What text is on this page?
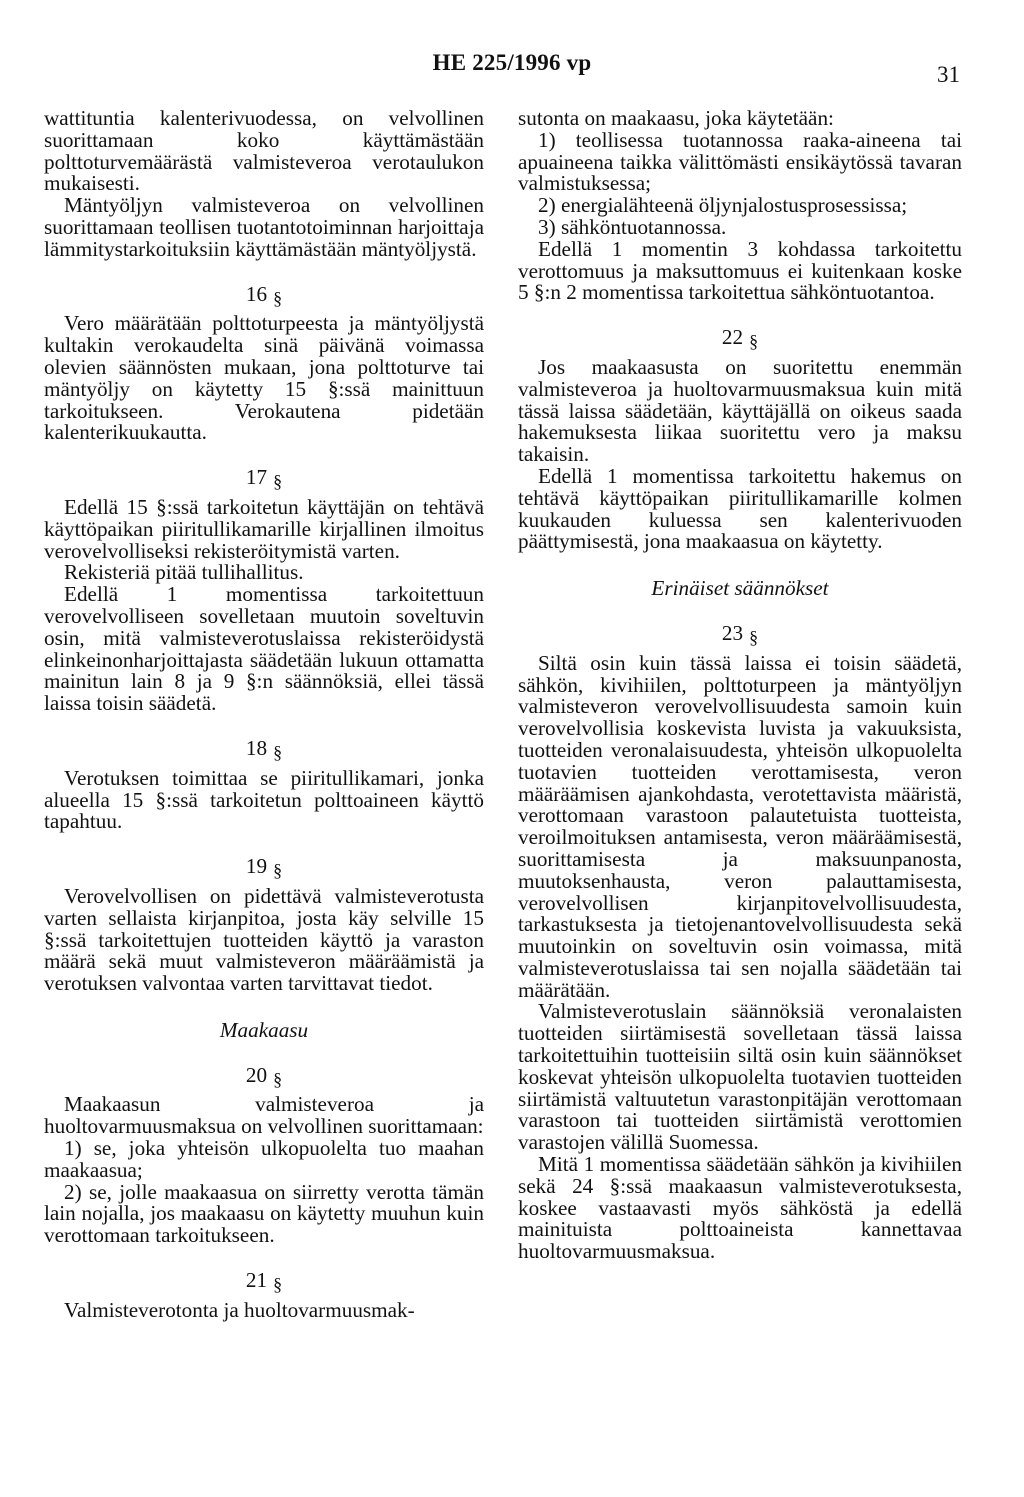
HE 225/1996 vp	31

wattituntia kalenterivuodessa, on velvollinen suorittamaan koko käyttämästään polttoturvemäärästä valmisteveroa verotaulukon mukaisesti.

Mäntyöljyn valmisteveroa on velvollinen suorittamaan teollisen tuotantotoiminnan harjoittaja lämmitystarkoituksiin käyttämästään mäntyöljystä.

16 §

Vero määrätään polttoturpeesta ja mäntyöljystä kultakin verokaudelta sinä päivänä voimassa olevien säännösten mukaan, jona polttoturve tai mäntyöljy on käytetty 15 §:ssä mainittuun tarkoitukseen. Verokautena pidetään kalenterikuukautta.

17 §

Edellä 15 §:ssä tarkoitetun käyttäjän on tehtävä käyttöpaikan piiritullikamarille kirjallinen ilmoitus verovelvolliseksi rekisteröitymistä varten.

Rekisteriä pitää tullihallitus.

Edellä 1 momentissa tarkoitettuun verovelvolliseen sovelletaan muutoin soveltuvin osin, mitä valmisteverotuslaissa rekisteröidystä elinkeinonharjoittajasta säädetään lukuun ottamatta mainitun lain 8 ja 9 §:n säännöksiä, ellei tässä laissa toisin säädetä.

18 §

Verotuksen toimittaa se piiritullikamari, jonka alueella 15 §:ssä tarkoitetun polttoaineen käyttö tapahtuu.

19 §

Verovelvollisen on pidettävä valmisteverotusta varten sellaista kirjanpitoa, josta käy selville 15 §:ssä tarkoitettujen tuotteiden käyttö ja varaston määrä sekä muut valmisteveron määräämistä ja verotuksen valvontaa varten tarvittavat tiedot.

Maakaasu
20 §

Maakaasun valmisteveroa ja huoltovarmuusmaksua on velvollinen suorittamaan:

1) se, joka yhteisön ulkopuolelta tuo maahan maakaasua;

2) se, jolle maakaasua on siirretty verotta tämän lain nojalla, jos maakaasu on käytetty muuhun kuin verottomaan tarkoitukseen.

21 §

Valmisteverotonta ja huoltovarmuusmak-

sutonta on maakaasu, joka käytetään:

1) teollisessa tuotannossa raaka-aineena tai apuaineena taikka välittömästi ensikäytössä tavaran valmistuksessa;

2) energialähteenä öljynjalostusprosessissa;

3) sähköntuotannossa.

Edellä 1 momentin 3 kohdassa tarkoitettu verottomuus ja maksuttomuus ei kuitenkaan koske 5 §:n 2 momentissa tarkoitettua sähköntuotantoa.

22 §

Jos maakaasusta on suoritettu enemmän valmisteveroa ja huoltovarmuusmaksua kuin mitä tässä laissa säädetään, käyttäjällä on oikeus saada hakemuksesta liikaa suoritettu vero ja maksu takaisin.

Edellä 1 momentissa tarkoitettu hakemus on tehtävä käyttöpaikan piiritullikamarille kolmen kuukauden kuluessa sen kalenterivuoden päättymisestä, jona maakaasua on käytetty.

Erinäiset säännökset
23 §

Siltä osin kuin tässä laissa ei toisin säädetä, sähkön, kivihiilen, polttoturpeen ja mäntyöljyn valmisteveron verovelvollisuudesta samoin kuin verovelvollisia koskevista luvista ja vakuuksista, tuotteiden veronalaisuudesta, yhteisön ulkopuolelta tuotavien tuotteiden verottamisesta, veron määräämisen ajankohdasta, verotettavista määristä, verottomaan varastoon palautetuista tuotteista, veroilmoituksen antamisesta, veron määräämisestä, suorittamisesta ja maksuunpanosta, muutoksenhausta, veron palauttamisesta, verovelvollisen kirjanpitovelvollisuudesta, tarkastuksesta ja tietojenantovelvollisuudesta sekä muutoinkin on soveltuvin osin voimassa, mitä valmisteverotuslaissa tai sen nojalla säädetään tai määrätään.

Valmisteverotuslain säännöksiä veronalaisten tuotteiden siirtämisestä sovelletaan tässä laissa tarkoitettuihin tuotteisiin siltä osin kuin säännökset koskevat yhteisön ulkopuolelta tuotavien tuotteiden siirtämistä valtuutetun varastonpitäjän verottomaan varastoon tai tuotteiden siirtämistä verottomien varastojen välillä Suomessa.

Mitä 1 momentissa säädetään sähkön ja kivihiilen sekä 24 §:ssä maakaasun valmisteverotuksesta, koskee vastaavasti myös sähköstä ja edellä mainituista polttoaineista kannettavaa huoltovarmuusmaksua.
